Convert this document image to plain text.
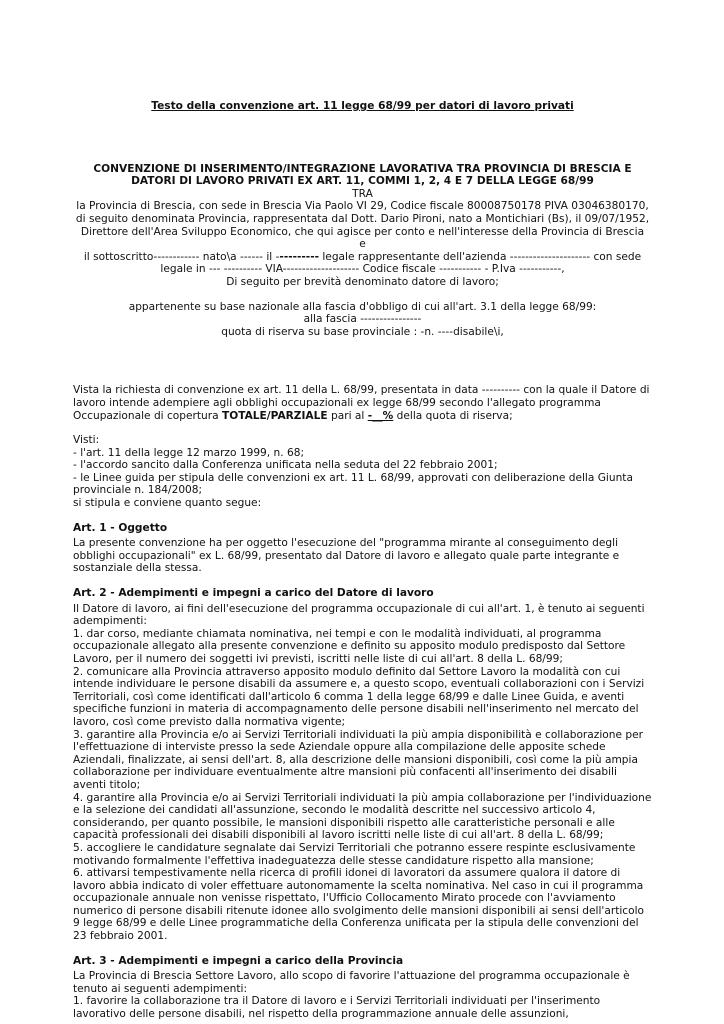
Testo della convenzione art. 11 legge 68/99 per datori di lavoro privati

CONVENZIONE DI INSERIMENTO/INTEGRAZIONE LAVORATIVA TRA PROVINCIA DI BRESCIA E DATORI DI LAVORO PRIVATI EX ART. 11, COMMI 1, 2, 4 E 7 DELLA LEGGE 68/99

TRA

la Provincia di Brescia, con sede in Brescia Via Paolo VI 29, Codice fiscale 80008750178 PIVA 03046380170, di seguito denominata Provincia, rappresentata dal Dott. Dario Pironi, nato a Montichiari (Bs), il 09/07/1952, Direttore dell'Area Sviluppo Economico, che qui agisce per conto e nell'interesse della Provincia di Brescia

e

il sottoscritto------------ nato\a ------ il ---------- legale rappresentante dell'azienda --------------------- con sede legale in --- ---------- VIA-------------------- Codice fiscale ----------- - P.Iva -----------,

Di seguito per brevità denominato datore di lavoro;

appartenente su base nazionale alla fascia d'obbligo di cui all'art. 3.1 della legge 68/99:

alla fascia ----------------

quota di riserva su base provinciale : -n. ----disabile\i,

Vista la richiesta di convenzione ex art. 11 della L. 68/99, presentata in data ---------- con la quale il Datore di lavoro intende adempiere agli obblighi occupazionali ex legge 68/99 secondo l'allegato programma Occupazionale di copertura TOTALE/PARZIALE pari al -__% della quota di riserva;

Visti:

- l'art. 11 della legge 12 marzo 1999, n. 68;

- l'accordo sancito dalla Conferenza unificata nella seduta del 22 febbraio 2001;

- le Linee guida per stipula delle convenzioni ex art. 11 L. 68/99, approvati con deliberazione della Giunta provinciale n. 184/2008;

si stipula e conviene quanto segue:

Art. 1 - Oggetto

La presente convenzione ha per oggetto l'esecuzione del "programma mirante al conseguimento degli obblighi occupazionali" ex L. 68/99, presentato dal Datore di lavoro e allegato quale parte integrante e sostanziale della stessa.

Art. 2 - Adempimenti e impegni a carico del Datore di lavoro

Il Datore di lavoro, ai fini dell'esecuzione del programma occupazionale di cui all'art. 1, è tenuto ai seguenti adempimenti:

1. dar corso, mediante chiamata nominativa, nei tempi e con le modalità individuati, al programma occupazionale allegato alla presente convenzione e definito su apposito modulo predisposto dal Settore Lavoro, per il numero dei soggetti ivi previsti, iscritti nelle liste di cui all'art. 8 della L. 68/99;

2. comunicare alla Provincia attraverso apposito modulo definito dal Settore Lavoro la modalità con cui intende individuare le persone disabili da assumere e, a questo scopo, eventuali collaborazioni con i Servizi Territoriali, così come identificati dall'articolo 6 comma 1 della legge 68/99 e dalle Linee Guida, e aventi specifiche funzioni in materia di accompagnamento delle persone disabili nell'inserimento nel mercato del lavoro, così come previsto dalla normativa vigente;

3. garantire alla Provincia e/o ai Servizi Territoriali individuati la più ampia disponibilità e collaborazione per l'effettuazione di interviste presso la sede Aziendale oppure alla compilazione delle apposite schede Aziendali, finalizzate, ai sensi dell'art. 8, alla descrizione delle mansioni disponibili, così come la più ampia collaborazione per individuare eventualmente altre mansioni più confacenti all'inserimento dei disabili aventi titolo;

4. garantire alla Provincia e/o ai Servizi Territoriali individuati la più ampia collaborazione per l'individuazione e la selezione dei candidati all'assunzione, secondo le modalità descritte nel successivo articolo 4, considerando, per quanto possibile, le mansioni disponibili rispetto alle caratteristiche personali e alle capacità professionali dei disabili disponibili al lavoro iscritti nelle liste di cui all'art. 8 della L. 68/99;

5. accogliere le candidature segnalate dai Servizi Territoriali che potranno essere respinte esclusivamente motivando formalmente l'effettiva inadeguatezza delle stesse candidature rispetto alla mansione;

6. attivarsi tempestivamente nella ricerca di profili idonei di lavoratori da assumere qualora il datore di lavoro abbia indicato di voler effettuare autonomamente la scelta nominativa. Nel caso in cui il programma occupazionale annuale non venisse rispettato, l'Ufficio Collocamento Mirato procede con l'avviamento numerico di persone disabili ritenute idonee allo svolgimento delle mansioni disponibili ai sensi dell'articolo 9 legge 68/99 e delle Linee programmatiche della Conferenza unificata per la stipula delle convenzioni del 23 febbraio 2001.

Art. 3 - Adempimenti e impegni a carico della Provincia

La Provincia di Brescia Settore Lavoro, allo scopo di favorire l'attuazione del programma occupazionale è tenuto ai seguenti adempimenti:

1. favorire la collaborazione tra il Datore di lavoro e i Servizi Territoriali individuati per l'inserimento lavorativo delle persone disabili, nel rispetto della programmazione annuale delle assunzioni,
